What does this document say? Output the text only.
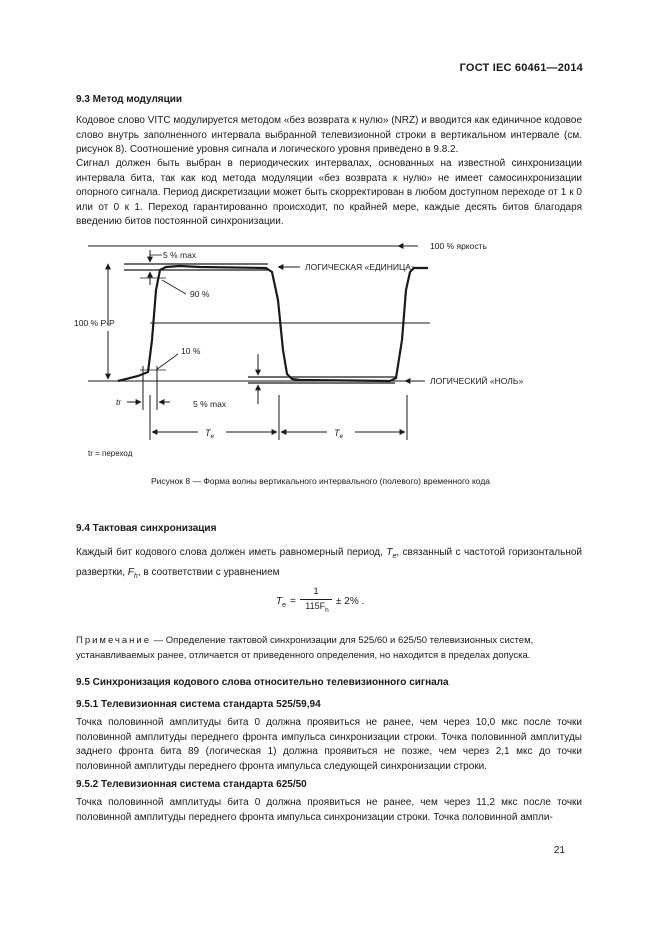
ГОСТ IEC 60461—2014
9.3 Метод модуляции
Кодовое слово VITC модулируется методом «без возврата к нулю» (NRZ) и вводится как единичное кодовое слово внутрь заполненного интервала выбранной телевизионной строки в вертикальном интервале (см. рисунок 8). Соотношение уровня сигнала и логического уровня приведено в 9.8.2.
Сигнал должен быть выбран в периодических интервалах, основанных на известной синхронизации интервала бита, так как код метода модуляции «без возврата к нулю» не имеет самосинхронизации опорного сигнала. Период дискретизации может быть скорректирован в любом доступном переходе от 1 к 0 или от 0 к 1. Переход гарантированно происходит, по крайней мере, каждые десять битов благодаря введению битов постоянной синхронизации.
5 % max
100 % яркость
ЛОГИЧЕСКАЯ «ЕДИНИЦА»
90 %
100 % Р-Р
10 %
ЛОГИЧЕСКИЙ «НОЛЬ»
tr	5 % max
$T_e$	$T_e$
tr = переход
Рисунок 8 — Форма волны вертикального интервального (полевого) временного кода
9.4 Тактовая синхронизация
Каждый бит кодового слова должен иметь равномерный период, $T_e$, связанный с частотой горизонтальной развертки, $F_h$, в соответствии с уравнением
$T_e$ =
1
$115F_h$
± 2% .
Примечание — Определение тактовой синхронизации для 525/60 и 625/50 телевизионных систем, устанавливаемых ранее, отличается от приведенного определения, но находится в пределах допуска.
9.5 Синхронизация кодового слова относительно телевизионного сигнала
9.5.1 Телевизионная система стандарта 525/59,94
Точка половинной амплитуды бита 0 должна проявиться не ранее, чем через 10,0 мкс после точки половинной амплитуды переднего фронта импульса синхронизации строки. Точка половинной амплитуды заднего фронта бита 89 (логическая 1) должна проявиться не позже, чем через 2,1 мкс до точки половинной амплитуды переднего фронта импульса следующей синхронизации строки.
9.5.2 Телевизионная система стандарта 625/50
Точка половинной амплитуды бита 0 должна проявиться не ранее, чем через 11,2 мкс после точки половинной амплитуды переднего фронта импульса синхронизации строки. Точка половинной ампли-
21
